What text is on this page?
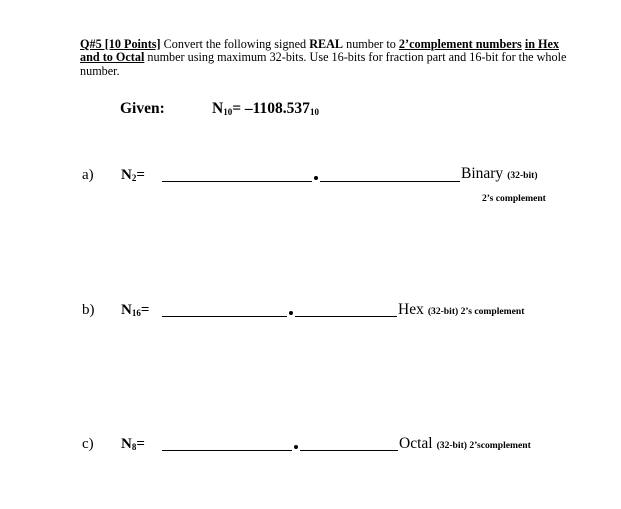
Q#5 [10 Points] Convert the following signed REAL number to 2’complement numbers in Hex and to Octal number using maximum 32-bits. Use 16-bits for fraction part and 16-bit for the whole number.
Given:	$N_{10}= -1108.537_{10}$
a) $N_2=$	Binary (32-bit)
2’s complement
b) $N_{16}=$	Hex (32-bit) 2’s complement
c) $N_8=$	Octal (32-bit) 2’scomplement
